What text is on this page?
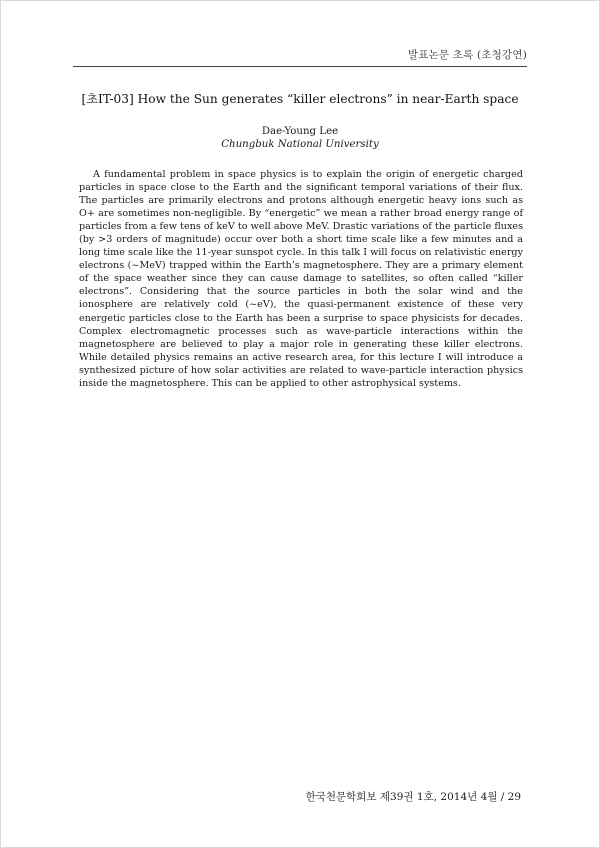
발표논문 초록 (초청강연)
[초IT-03] How the Sun generates “killer electrons” in near-Earth space
Dae-Young Lee
Chungbuk National University

A fundamental problem in space physics is to explain the origin of energetic charged particles in space close to the Earth and the significant temporal variations of their flux. The particles are primarily electrons and protons although energetic heavy ions such as O+ are sometimes non-negligible. By “energetic” we mean a rather broad energy range of particles from a few tens of keV to well above MeV. Drastic variations of the particle fluxes (by >3 orders of magnitude) occur over both a short time scale like a few minutes and a long time scale like the 11-year sunspot cycle. In this talk I will focus on relativistic energy electrons (~MeV) trapped within the Earth’s magnetosphere. They are a primary element of the space weather since they can cause damage to satellites, so often called “killer electrons”. Considering that the source particles in both the solar wind and the ionosphere are relatively cold (~eV), the quasi-permanent existence of these very energetic particles close to the Earth has been a surprise to space physicists for decades. Complex electromagnetic processes such as wave-particle interactions within the magnetosphere are believed to play a major role in generating these killer electrons. While detailed physics remains an active research area, for this lecture I will introduce a synthesized picture of how solar activities are related to wave-particle interaction physics inside the magnetosphere. This can be applied to other astrophysical systems.

한국천문학회보 제39권 1호, 2014년 4월 / 29
